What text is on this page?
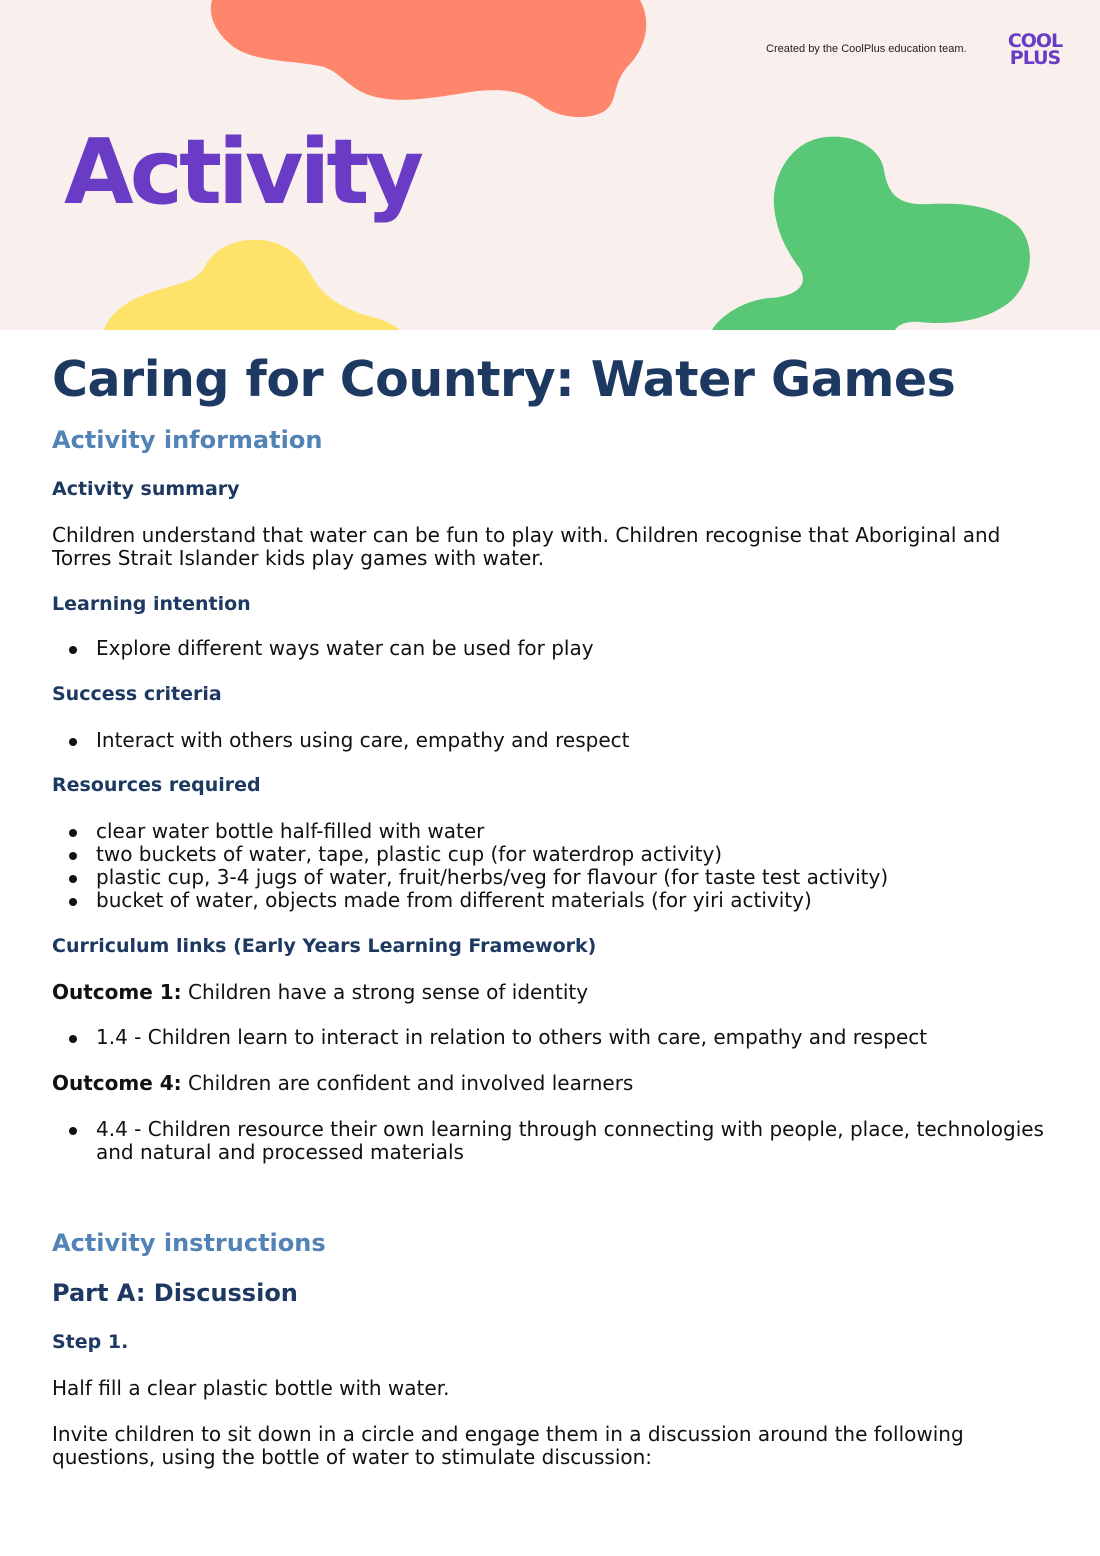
Created by the CoolPlus education team.	COOL
PLUS
Activity
Caring for Country: Water Games
Activity information
Activity summary

Children understand that water can be fun to play with. Children recognise that Aboriginal and Torres Strait Islander kids play games with water.

Learning intention
Explore different ways water can be used for play
Success criteria
Interact with others using care, empathy and respect
Resources required
clear water bottle half-filled with water
two buckets of water, tape, plastic cup (for waterdrop activity)
plastic cup, 3-4 jugs of water, fruit/herbs/veg for flavour (for taste test activity)
bucket of water, objects made from different materials (for yiri activity)
Curriculum links (Early Years Learning Framework)

Outcome 1: Children have a strong sense of identity

1.4 - Children learn to interact in relation to others with care, empathy and respect

Outcome 4: Children are confident and involved learners

4.4 - Children resource their own learning through connecting with people, place, technologies and natural and processed materials
Activity instructions
Part A: Discussion
Step 1.

Half fill a clear plastic bottle with water.

Invite children to sit down in a circle and engage them in a discussion around the following questions, using the bottle of water to stimulate discussion:
